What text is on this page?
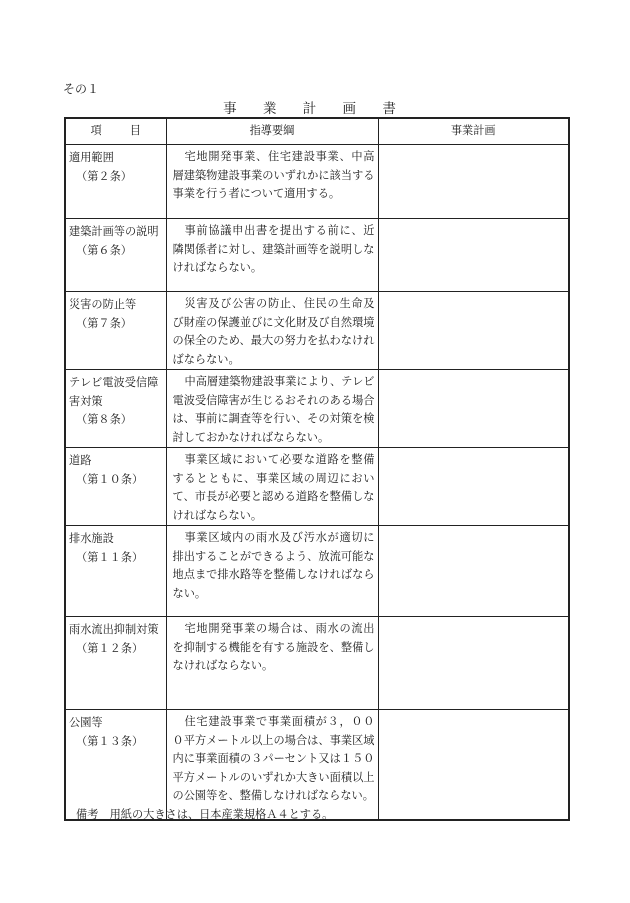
その１
事 業 計 画 書
項 目	指導要綱	事業計画

適用範囲
（第２条）	宅地開発事業、住宅建設事業、中高層建築物建設事業のいずれかに該当する事業を行う者について適用する。	

建築計画等の説明
（第６条）	事前協議申出書を提出する前に、近隣関係者に対し、建築計画等を説明しなければならない。	

災害の防止等
（第７条）	災害及び公害の防止、住民の生命及び財産の保護並びに文化財及び自然環境の保全のため、最大の努力を払わなければならない。	

テレビ電波受信障害対策
（第８条）	中高層建築物建設事業により、テレビ電波受信障害が生じるおそれのある場合は、事前に調査等を行い、その対策を検討しておかなければならない。	

道路
（第１０条）	事業区域において必要な道路を整備するとともに、事業区域の周辺において、市長が必要と認める道路を整備しなければならない。	

排水施設
（第１１条）	事業区域内の雨水及び汚水が適切に排出することができるよう、放流可能な地点まで排水路等を整備しなければならない。	

雨水流出抑制対策
（第１２条）	宅地開発事業の場合は、雨水の流出を抑制する機能を有する施設を、整備しなければならない。	

公園等
（第１３条）	住宅建設事業で事業面積が３，０００平方メートル以上の場合は、事業区域内に事業面積の３パーセント又は１５０平方メートルのいずれか大きい面積以上の公園等を、整備しなければならない。	

備考　用紙の大きさは、日本産業規格Ａ４とする。
